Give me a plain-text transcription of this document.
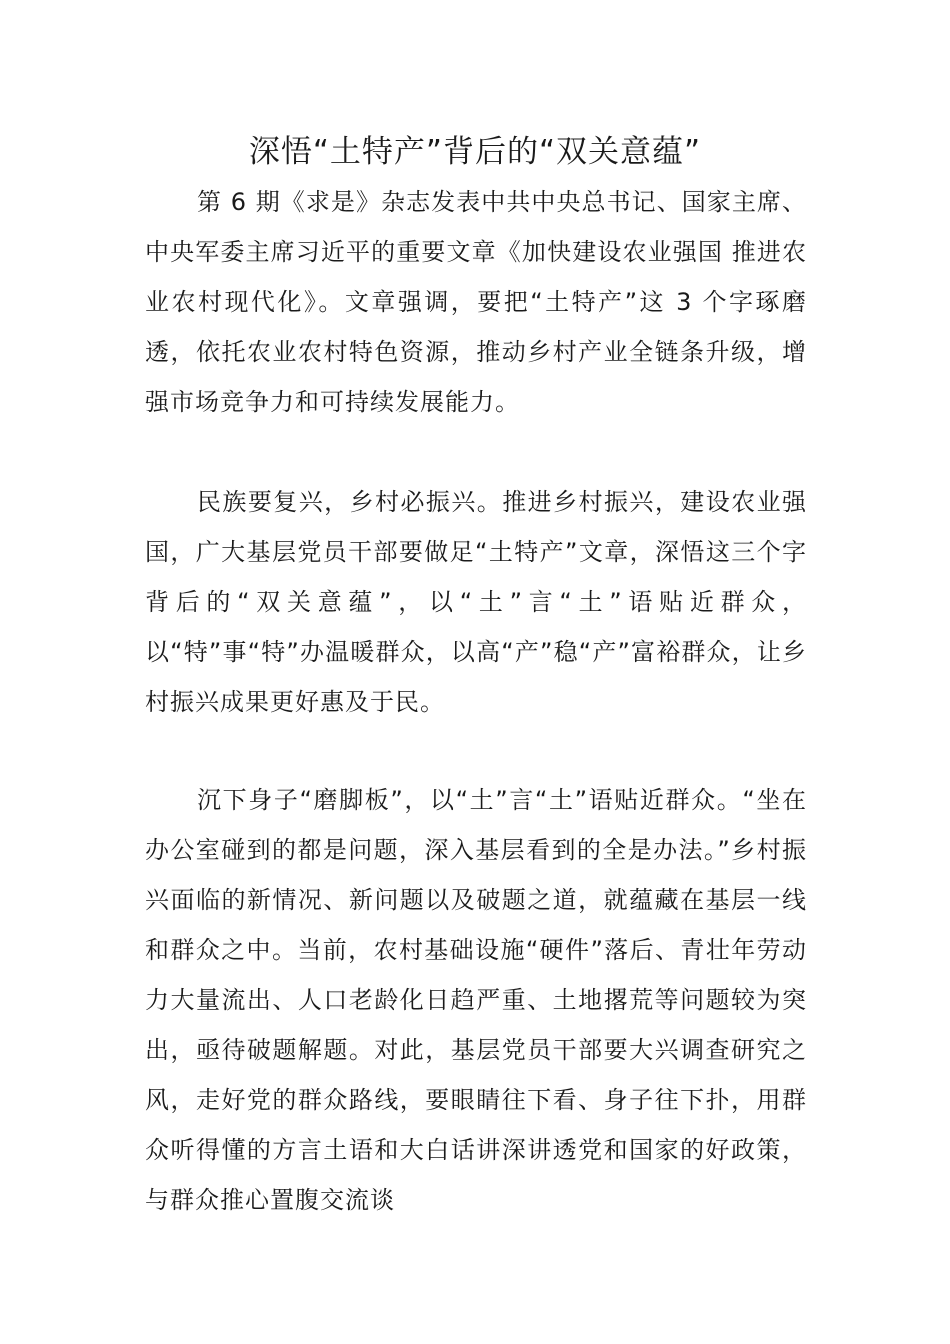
深悟“土特产”背后的“双关意蕴”

第 6 期《求是》杂志发表中共中央总书记、国家主席、中央军委主席习近平的重要文章《加快建设农业强国 推进农业农村现代化》。文章强调，要把“土特产”这 3 个字琢磨透，依托农业农村特色资源，推动乡村产业全链条升级，增强市场竞争力和可持续发展能力。

民族要复兴，乡村必振兴。推进乡村振兴，建设农业强国，广大基层党员干部要做足“土特产”文章，深悟这三个字背后的“双关意蕴”，以“土”言“土”语贴近群众，以“特”事“特”办温暖群众，以高“产”稳“产”富裕群众，让乡村振兴成果更好惠及于民。

沉下身子“磨脚板”，以“土”言“土”语贴近群众。“坐在办公室碰到的都是问题，深入基层看到的全是办法。”乡村振兴面临的新情况、新问题以及破题之道，就蕴藏在基层一线和群众之中。当前，农村基础设施“硬件”落后、青壮年劳动力大量流出、人口老龄化日趋严重、土地撂荒等问题较为突出，亟待破题解题。对此，基层党员干部要大兴调查研究之风，走好党的群众路线，要眼睛往下看、身子往下扑，用群众听得懂的方言土语和大白话讲深讲透党和国家的好政策，与群众推心置腹交流谈
